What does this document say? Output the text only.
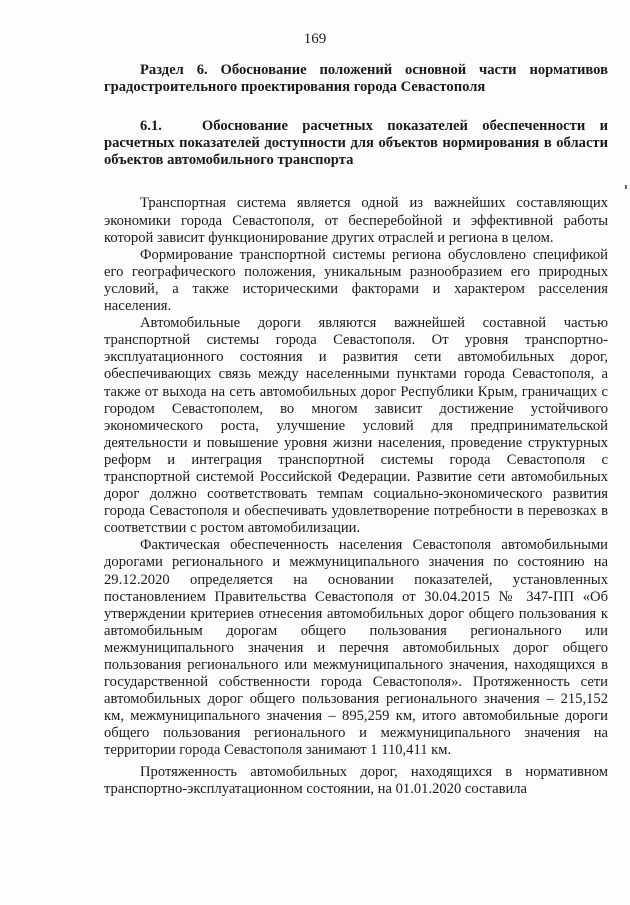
169

Раздел 6. Обоснование положений основной части нормативов градостроительного проектирования города Севастополя

6.1.	Обоснование расчетных показателей обеспеченности и расчетных показателей доступности для объектов нормирования в области объектов автомобильного транспорта

Транспортная система является одной из важнейших составляющих экономики города Севастополя, от бесперебойной и эффективной работы которой зависит функционирование других отраслей и региона в целом.

Формирование транспортной системы региона обусловлено спецификой его географического положения, уникальным разнообразием его природных условий, а также историческими факторами и характером расселения населения.

Автомобильные дороги являются важнейшей составной частью транспортной системы города Севастополя. От уровня транспортно-эксплуатационного состояния и развития сети автомобильных дорог, обеспечивающих связь между населенными пунктами города Севастополя, а также от выхода на сеть автомобильных дорог Республики Крым, граничащих с городом Севастополем, во многом зависит достижение устойчивого экономического роста, улучшение условий для предпринимательской деятельности и повышение уровня жизни населения, проведение структурных реформ и интеграция транспортной системы города Севастополя с транспортной системой Российской Федерации. Развитие сети автомобильных дорог должно соответствовать темпам социально-экономического развития города Севастополя и обеспечивать удовлетворение потребности в перевозках в соответствии с ростом автомобилизации.

Фактическая обеспеченность населения Севастополя автомобильными дорогами регионального и межмуниципального значения по состоянию на 29.12.2020 определяется на основании показателей, установленных постановлением Правительства Севастополя от 30.04.2015 № 347-ПП «Об утверждении критериев отнесения автомобильных дорог общего пользования к автомобильным дорогам общего пользования регионального или межмуниципального значения и перечня автомобильных дорог общего пользования регионального или межмуниципального значения, находящихся в государственной собственности города Севастополя». Протяженность сети автомобильных дорог общего пользования регионального значения – 215,152 км, межмуниципального значения – 895,259 км, итого автомобильные дороги общего пользования регионального и межмуниципального значения на территории города Севастополя занимают 1 110,411 км.

Протяженность автомобильных дорог, находящихся в нормативном транспортно-эксплуатационном состоянии, на 01.01.2020 составила
